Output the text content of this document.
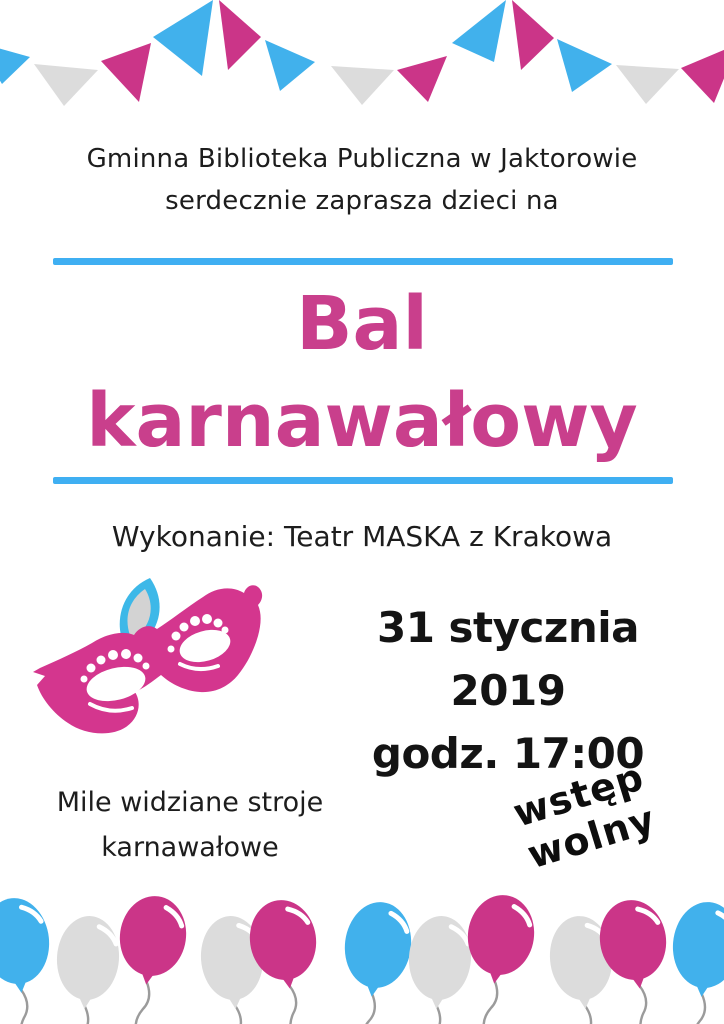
Gminna Biblioteka Publiczna w Jaktorowie
serdecznie zaprasza dzieci na
Bal
karnawałowy
Wykonanie: Teatr MASKA z Krakowa
31 stycznia 2019
godz. 17:00
Mile widziane stroje
karnawałowe
wstęp wolny
